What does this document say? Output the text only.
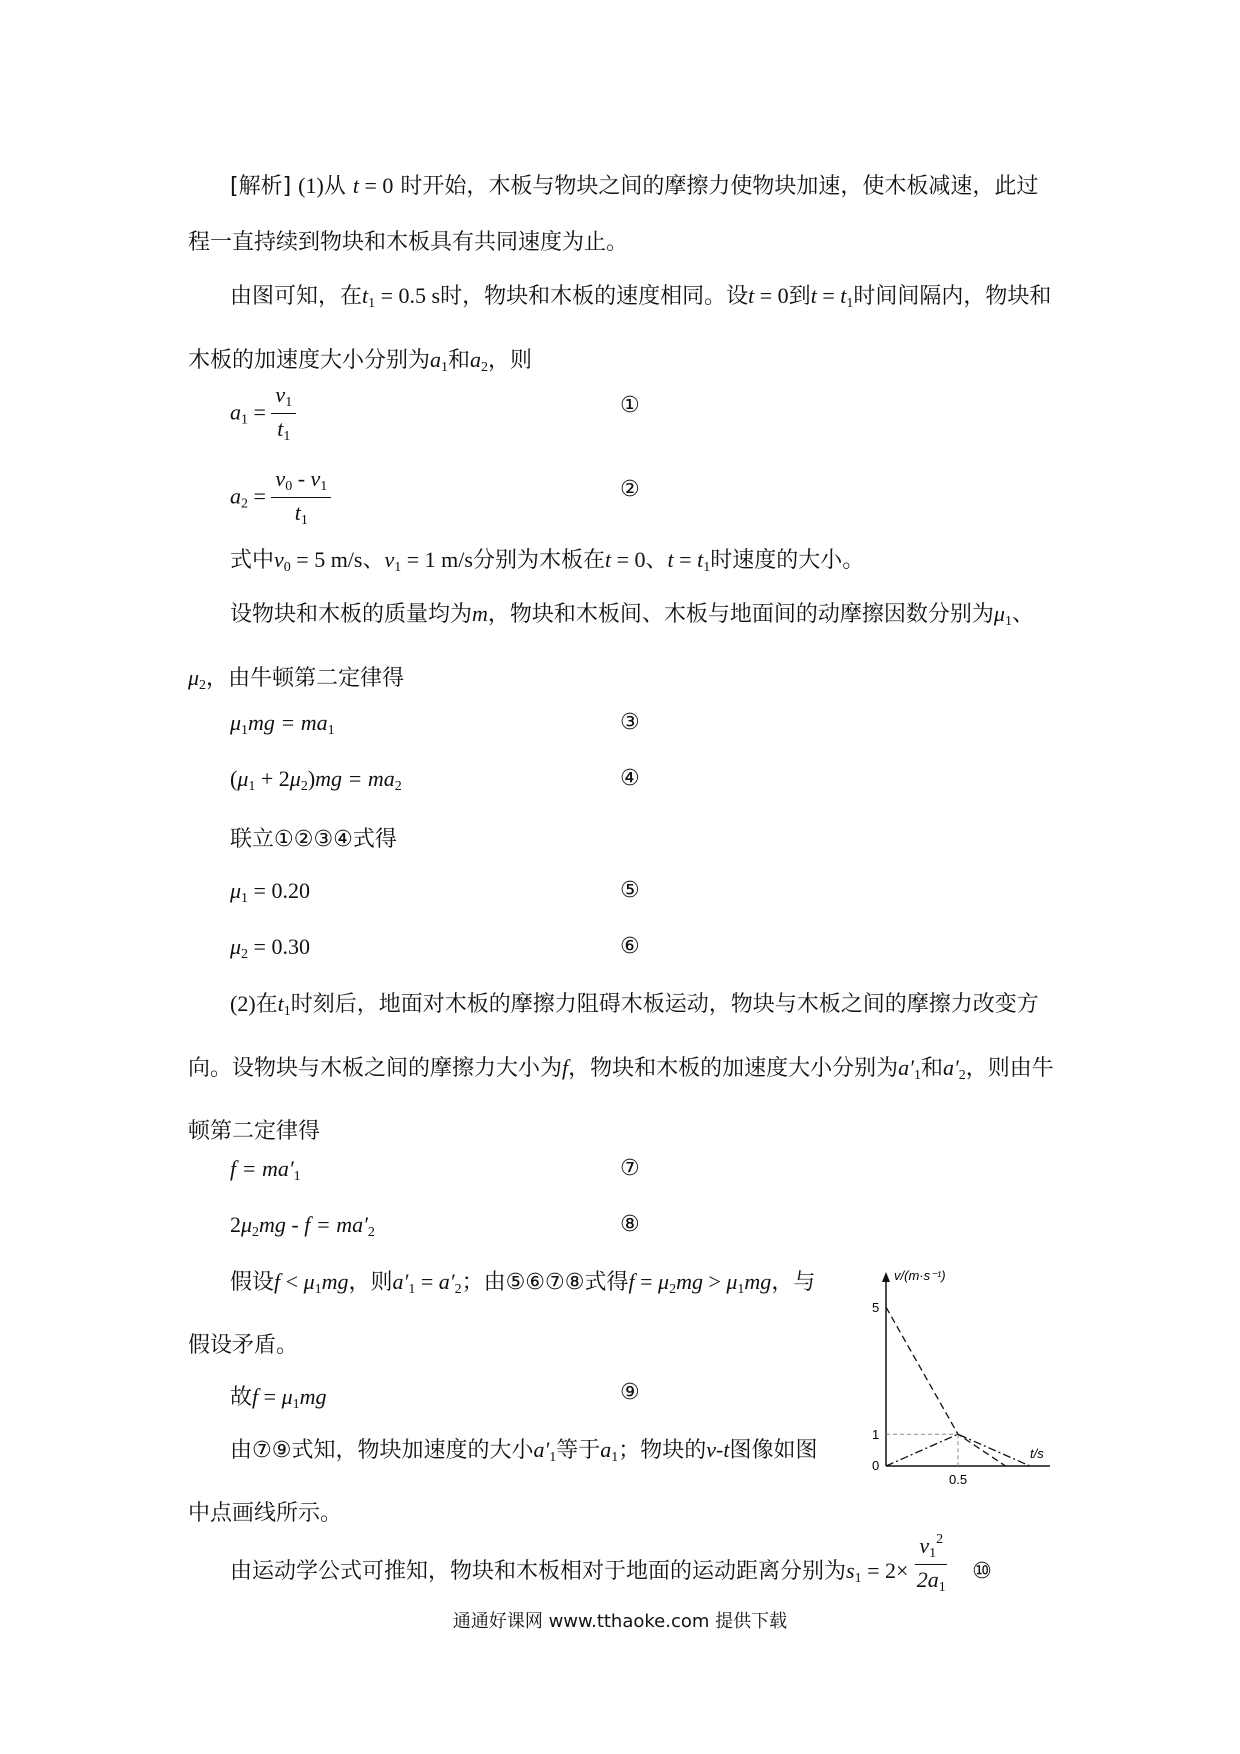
[解析] (1)从 t = 0 时开始，木板与物块之间的摩擦力使物块加速，使木板减速，此过程一直持续到物块和木板具有共同速度为止。
由图可知，在$t_1 = 0.5$ s时，物块和木板的速度相同。设t = 0到$t = t_1$时间间隔内，物块和木板的加速度大小分别为$a_1$和$a_2$，则
$a_1 = \frac{v_1}{t_1}$	①
$a_2 = \frac{v_0 - v_1}{t_1}$	②
式中$v_0 = 5$ m/s、$v_1 = 1$ m/s分别为木板在t = 0、$t = t_1$时速度的大小。
设物块和木板的质量均为m，物块和木板间、木板与地面间的动摩擦因数分别为$\mu_1$、$\mu_2$，由牛顿第二定律得
$\mu_1mg = ma_1$	③
$(\mu_1 + 2\mu_2)mg = ma_2$	④
联立①②③④式得
$\mu_1 = 0.20$	⑤
$\mu_2 = 0.30$	⑥
(2)在$t_1$时刻后，地面对木板的摩擦力阻碍木板运动，物块与木板之间的摩擦力改变方向。设物块与木板之间的摩擦力大小为f，物块和木板的加速度大小分别为$a'_1$和$a'_2$，则由牛顿第二定律得
$f = ma'_1$	⑦
$2\mu_2mg - f = ma'_2$	⑧
假设$f < \mu_1mg$，则$a'_1 = a'_2$；由⑤⑥⑦⑧式得$f = \mu_2mg > \mu_1mg$，与假设矛盾。
故$f = \mu_1mg$	⑨
由⑦⑨式知，物块加速度的大小$a'_1$等于$a_1$；物块的v-t图像如图中点画线所示。
由运动学公式可推知，物块和木板相对于地面的运动距离分别为$s_1 = 2\times \frac{v_1^2}{2a_1}$ ⑩
v/(m·s⁻¹)
t/s
0
5
1
0.5
通通好课网 www.tthaoke.com 提供下载
